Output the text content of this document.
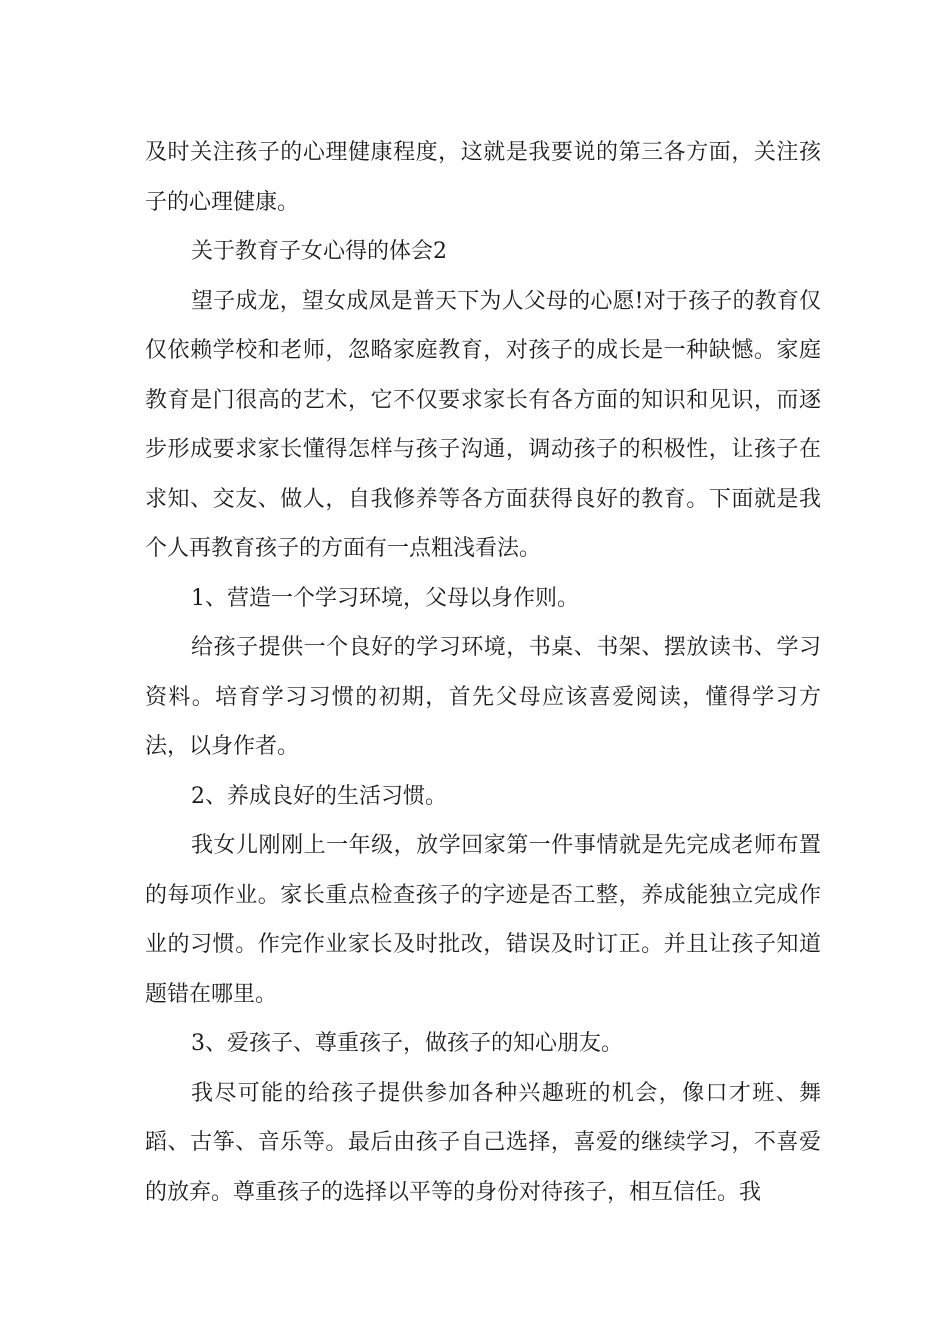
及时关注孩子的心理健康程度，这就是我要说的第三各方面，关注孩子的心理健康。

关于教育子女心得的体会2

望子成龙，望女成凤是普天下为人父母的心愿!对于孩子的教育仅仅依赖学校和老师，忽略家庭教育，对孩子的成长是一种缺憾。家庭教育是门很高的艺术，它不仅要求家长有各方面的知识和见识，而逐步形成要求家长懂得怎样与孩子沟通，调动孩子的积极性，让孩子在求知、交友、做人，自我修养等各方面获得良好的教育。下面就是我个人再教育孩子的方面有一点粗浅看法。

1、营造一个学习环境，父母以身作则。

给孩子提供一个良好的学习环境，书桌、书架、摆放读书、学习资料。培育学习习惯的初期，首先父母应该喜爱阅读，懂得学习方法，以身作者。

2、养成良好的生活习惯。

我女儿刚刚上一年级，放学回家第一件事情就是先完成老师布置的每项作业。家长重点检查孩子的字迹是否工整，养成能独立完成作业的习惯。作完作业家长及时批改，错误及时订正。并且让孩子知道题错在哪里。

3、爱孩子、尊重孩子，做孩子的知心朋友。

我尽可能的给孩子提供参加各种兴趣班的机会，像口才班、舞蹈、古筝、音乐等。最后由孩子自己选择，喜爱的继续学习，不喜爱的放弃。尊重孩子的选择以平等的身份对待孩子，相互信任。我
